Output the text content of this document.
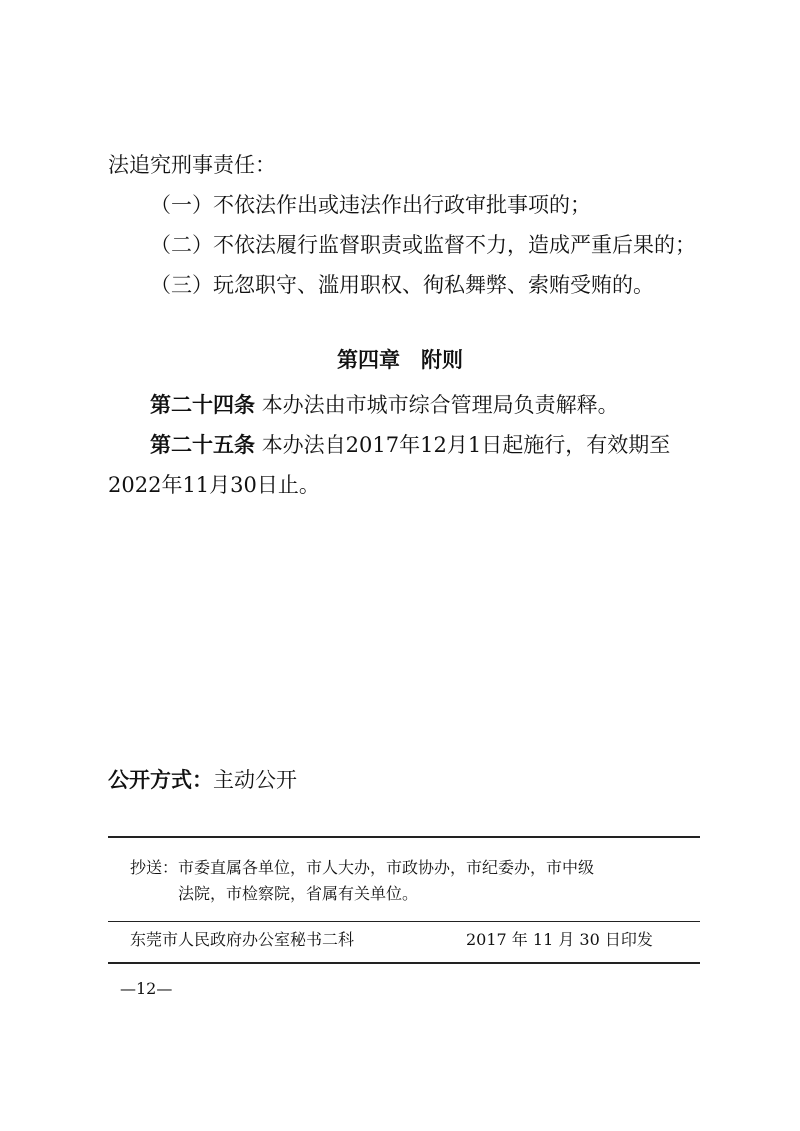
法追究刑事责任：
（一）不依法作出或违法作出行政审批事项的；
（二）不依法履行监督职责或监督不力，造成严重后果的；
（三）玩忽职守、滥用职权、徇私舞弊、索贿受贿的。
第四章　附则
第二十四条 本办法由市城市综合管理局负责解释。
第二十五条 本办法自2017年12月1日起施行，有效期至
2022年11月30日止。
公开方式：主动公开
抄送：市委直属各单位，市人大办，市政协办，市纪委办，市中级
法院，市检察院，省属有关单位。
东莞市人民政府办公室秘书二科	2017 年 11 月 30 日印发
—12—
